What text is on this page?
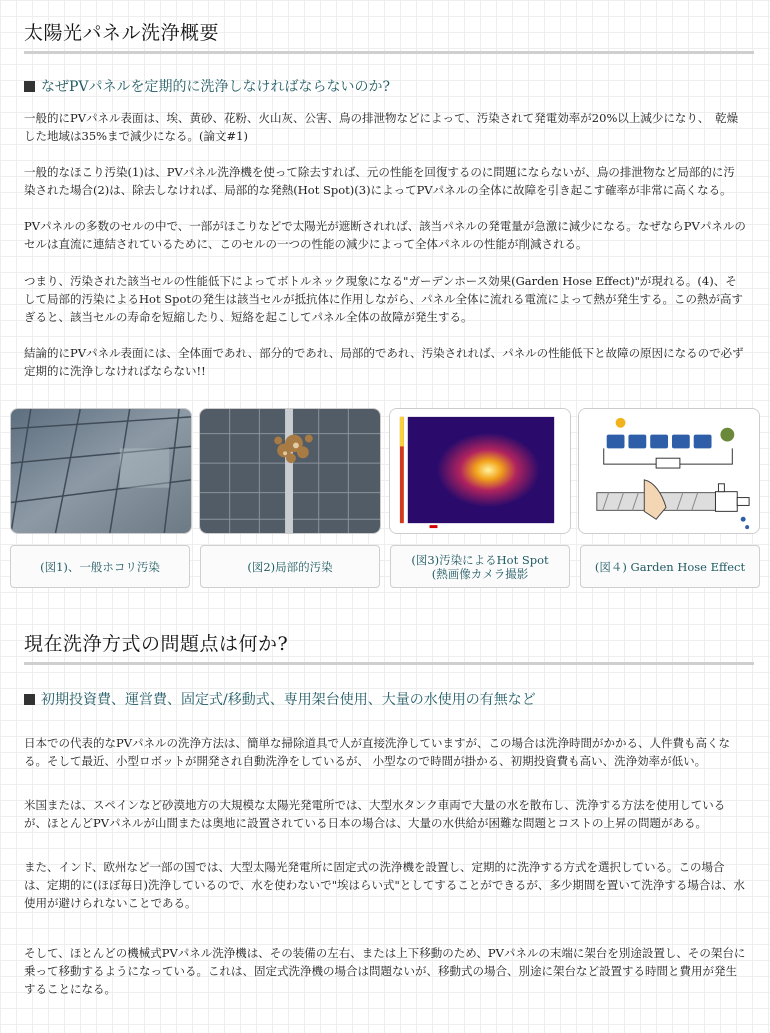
太陽光パネル洗浄概要
なぜPVパネルを定期的に洗浄しなければならないのか?

一般的にPVパネル表面は、埃、黄砂、花粉、火山灰、公害、鳥の排泄物などによって、汚染されて発電効率が20%以上減少になり、　乾燥した地域は35%まで減少になる。(論文#1)

一般的なほこり汚染(1)は、PVパネル洗浄機を使って除去すれば、元の性能を回復するのに問題にならないが、鳥の排泄物など局部的に汚染された場合(2)は、除去しなければ、局部的な発熱(Hot Spot)(3)によってPVパネルの全体に故障を引き起こす確率が非常に高くなる。

PVパネルの多数のセルの中で、一部がほこりなどで太陽光が遮断されれば、該当パネルの発電量が急激に減少になる。なぜならPVパネルのセルは直流に連結されているために、このセルの一つの性能の減少によって全体パネルの性能が削減される。

つまり、汚染された該当セルの性能低下によってボトルネック現象になる"ガーデンホース効果(Garden Hose Effect)"が現れる。(4)、そして局部的汚染によるHot Spotの発生は該当セルが抵抗体に作用しながら、パネル全体に流れる電流によって熱が発生する。この熱が高すぎると、該当セルの寿命を短縮したり、短絡を起こしてパネル全体の故障が発生する。

結論的にPVパネル表面には、全体面であれ、部分的であれ、局部的であれ、汚染されれば、パネルの性能低下と故障の原因になるので必ず定期的に洗浄しなければならない!!

(図1)、一般ホコリ汚染	(図2)局部的汚染	(図3)汚染によるHot Spot
(熱画像カメラ撮影	(図４) Garden Hose Effect
現在洗浄方式の問題点は何か?
初期投資費、運営費、固定式/移動式、専用架台使用、大量の水使用の有無など

日本での代表的なPVパネルの洗浄方法は、簡単な掃除道具で人が直接洗浄していますが、この場合は洗浄時間がかかる、人件費も高くなる。そして最近、小型ロボットが開発され自動洗浄をしているが、 小型なので時間が掛かる、初期投資費も高い、洗浄効率が低い。

米国または、スペインなど砂漠地方の大規模な太陽光発電所では、大型水タンク車両で大量の水を散布し、洗浄する方法を使用しているが、ほとんどPVパネルが山間または奥地に設置されている日本の場合は、大量の水供給が困難な問題とコストの上昇の問題がある。

また、インド、欧州など一部の国では、大型太陽光発電所に固定式の洗浄機を設置し、定期的に洗浄する方式を選択している。この場合は、定期的に(ほぼ毎日)洗浄しているので、水を使わないで"埃はらい式"としてすることができるが、多少期間を置いて洗浄する場合は、水使用が避けられないことである。

そして、ほとんどの機械式PVパネル洗浄機は、その装備の左右、または上下移動のため、PVパネルの末端に架台を別途設置し、その架台に乗って移動するようになっている。これは、固定式洗浄機の場合は問題ないが、移動式の場合、別途に架台など設置する時間と費用が発生することになる。
